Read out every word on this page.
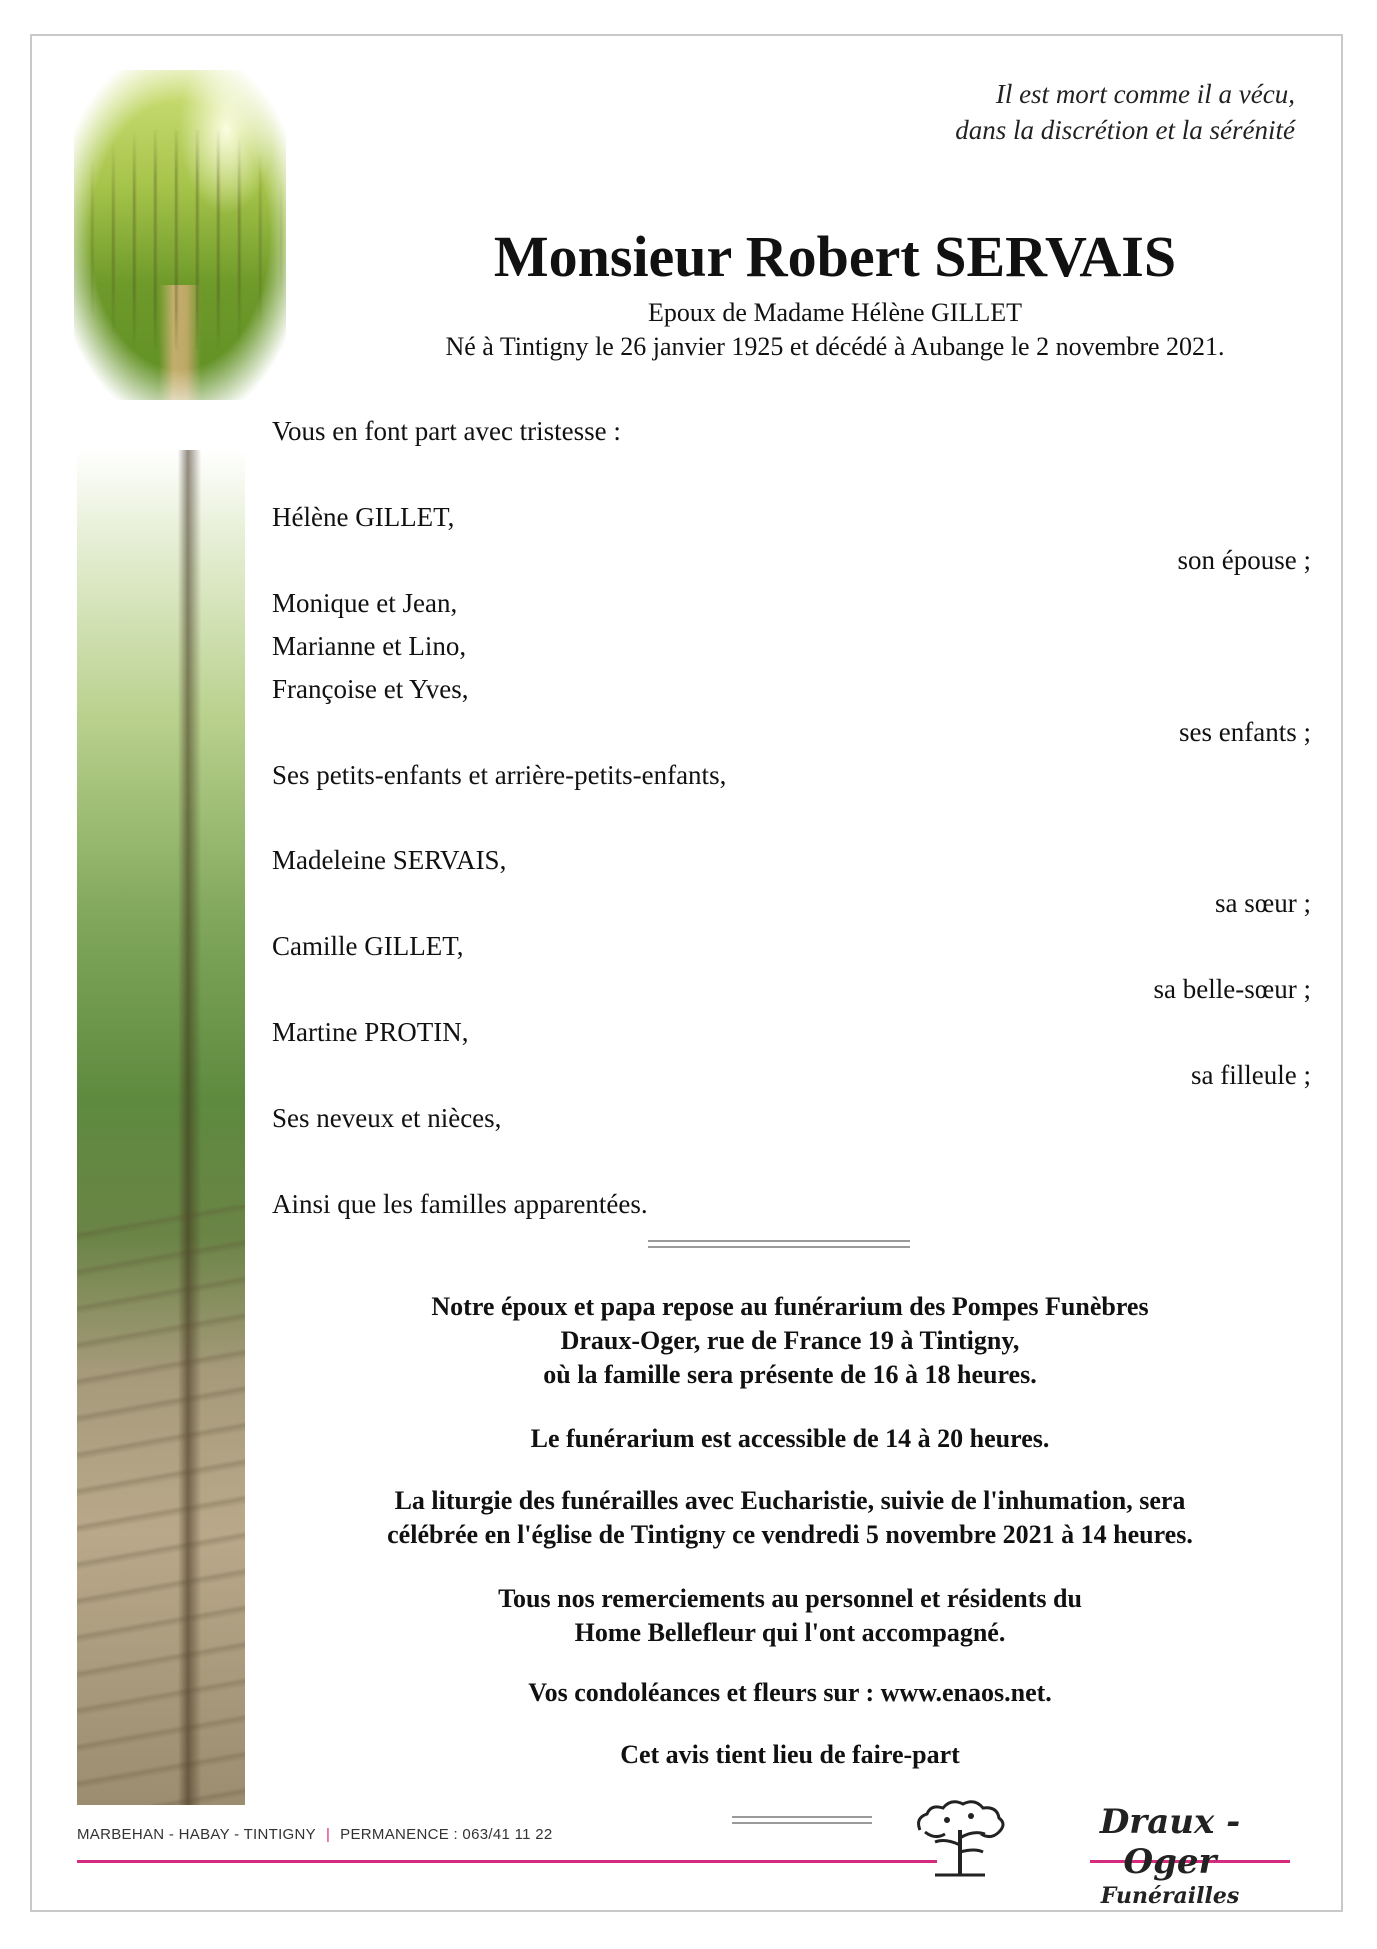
Il est mort comme il a vécu,
dans la discrétion et la sérénité
Monsieur Robert SERVAIS
Epoux de Madame Hélène GILLET
Né à Tintigny le 26 janvier 1925 et décédé à Aubange le 2 novembre 2021.
Vous en font part avec tristesse :
Hélène GILLET,
son épouse ;
Monique et Jean,
Marianne et Lino,
Françoise et Yves,
ses enfants ;
Ses petits-enfants et arrière-petits-enfants,
Madeleine SERVAIS,
sa sœur ;
Camille GILLET,
sa belle-sœur ;
Martine PROTIN,
sa filleule ;
Ses neveux et nièces,
Ainsi que les familles apparentées.
Notre époux et papa repose au funérarium des Pompes Funèbres
Draux-Oger, rue de France 19 à Tintigny,
où la famille sera présente de 16 à 18 heures.
Le funérarium est accessible de 14 à 20 heures.
La liturgie des funérailles avec Eucharistie, suivie de l'inhumation, sera
célébrée en l'église de Tintigny ce vendredi 5 novembre 2021 à 14 heures.
Tous nos remerciements au personnel et résidents du
Home Bellefleur qui l'ont accompagné.
Vos condoléances et fleurs sur : www.enaos.net.
Cet avis tient lieu de faire-part
MARBEHAN - HABAY - TINTIGNY | PERMANENCE : 063/41 11 22	Draux - Oger
Funérailles
